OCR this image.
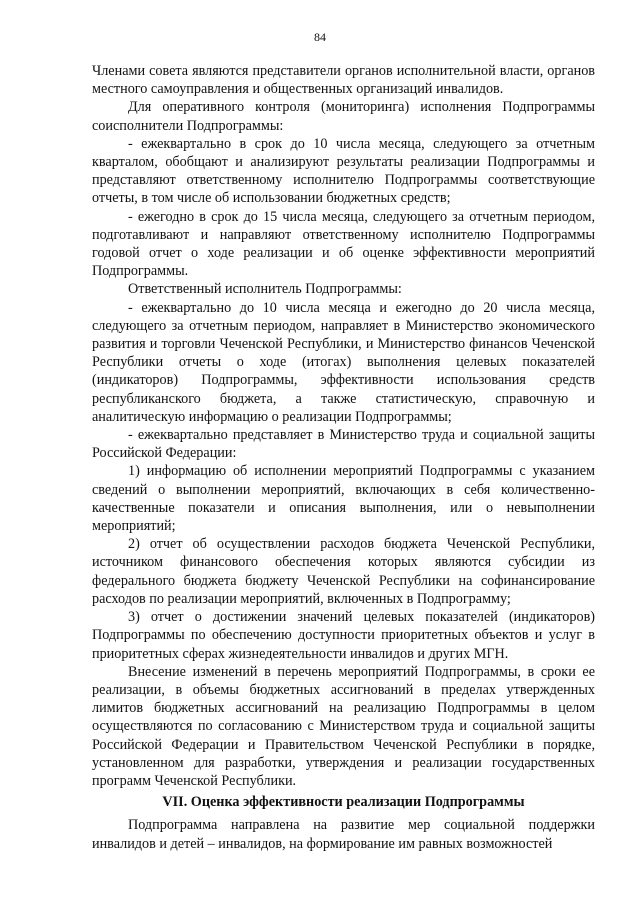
84

Членами совета являются представители органов исполнительной власти, органов местного самоуправления и общественных организаций инвалидов.

Для оперативного контроля (мониторинга) исполнения Подпрограммы соисполнители Подпрограммы:

- ежеквартально в срок до 10 числа месяца, следующего за отчетным кварталом, обобщают и анализируют результаты реализации Подпрограммы и представляют ответственному исполнителю Подпрограммы соответствующие отчеты, в том числе об использовании бюджетных средств;

- ежегодно в срок до 15 числа месяца, следующего за отчетным периодом, подготавливают и направляют ответственному исполнителю Подпрограммы годовой отчет о ходе реализации и об оценке эффективности мероприятий Подпрограммы.

Ответственный исполнитель Подпрограммы:

- ежеквартально до 10 числа месяца и ежегодно до 20 числа месяца, следующего за отчетным периодом, направляет в Министерство экономического развития и торговли Чеченской Республики, и Министерство финансов Чеченской Республики отчеты о ходе (итогах) выполнения целевых показателей (индикаторов) Подпрограммы, эффективности использования средств республиканского бюджета, а также статистическую, справочную и аналитическую информацию о реализации Подпрограммы;

- ежеквартально представляет в Министерство труда и социальной защиты Российской Федерации:

1) информацию об исполнении мероприятий Подпрограммы с указанием сведений о выполнении мероприятий, включающих в себя количественно-качественные показатели и описания выполнения, или о невыполнении мероприятий;

2) отчет об осуществлении расходов бюджета Чеченской Республики, источником финансового обеспечения которых являются субсидии из федерального бюджета бюджету Чеченской Республики на софинансирование расходов по реализации мероприятий, включенных в Подпрограмму;

3) отчет о достижении значений целевых показателей (индикаторов) Подпрограммы по обеспечению доступности приоритетных объектов и услуг в приоритетных сферах жизнедеятельности инвалидов и других МГН.

Внесение изменений в перечень мероприятий Подпрограммы, в сроки ее реализации, в объемы бюджетных ассигнований в пределах утвержденных лимитов бюджетных ассигнований на реализацию Подпрограммы в целом осуществляются по согласованию с Министерством труда и социальной защиты Российской Федерации и Правительством Чеченской Республики в порядке, установленном для разработки, утверждения и реализации государственных программ Чеченской Республики.

VII. Оценка эффективности реализации Подпрограммы

Подпрограмма направлена на развитие мер социальной поддержки инвалидов и детей – инвалидов, на формирование им равных возможностей
